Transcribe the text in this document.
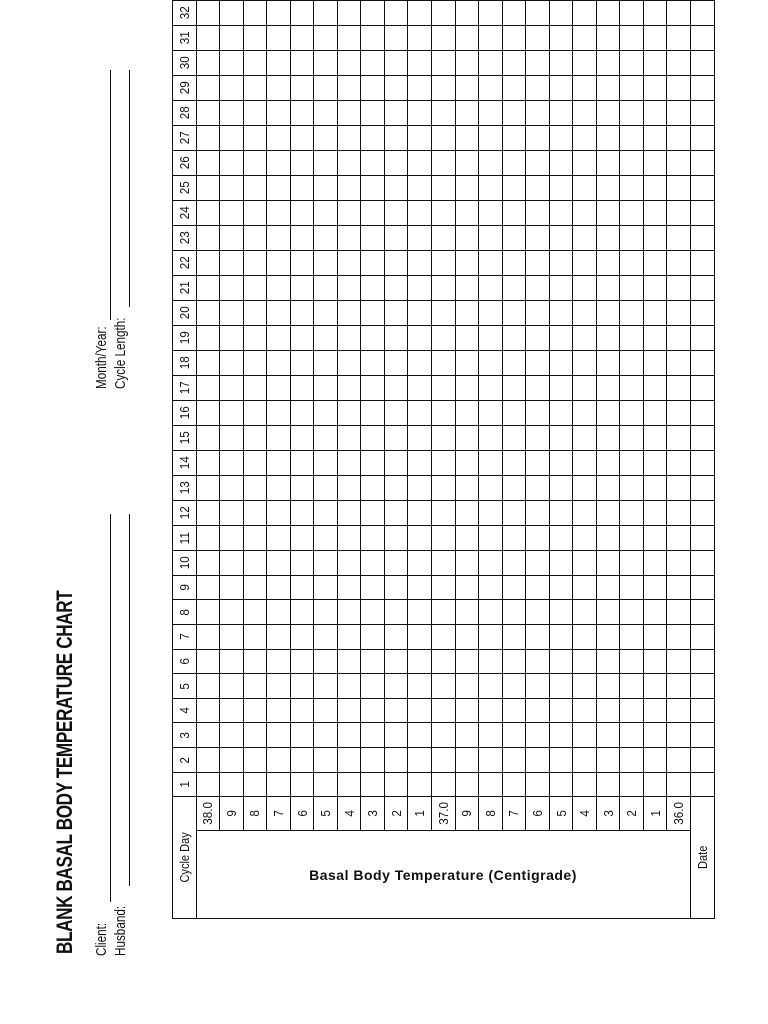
BLANK BASAL BODY TEMPERATURE CHART Client: Husband:
Month/Year: Cycle Length:
Cycle Day		1	2	3	4	5	6	7	8	9	10	11	12	13	14	15	16	17	18	19	20	21	22	23	24	25	26	27	28	29	30	31	32

Basal Body Temperature (Centigrade)	38.0																																
	9																																
	8																																
	7																																
	6																																
	5																																
	4																																
	3																																
	2																																
	1																																
	37.0																																
	9																																
	8																																
	7																																
	6																																
	5																																
	4																																
	3																																
	2																																
	1																																
	36.0																																
Date																																	
